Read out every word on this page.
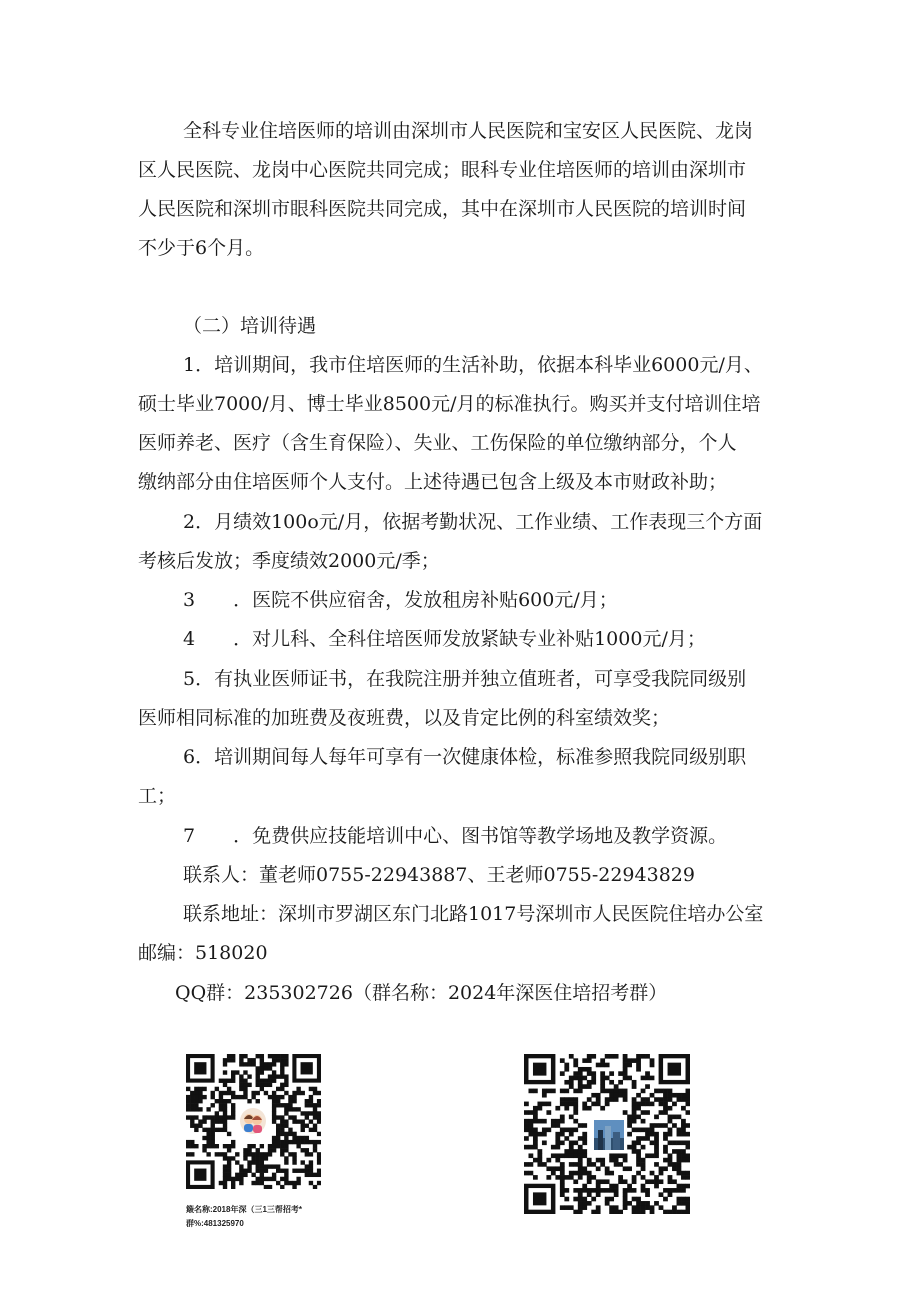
全科专业住培医师的培训由深圳市人民医院和宝安区人民医院、龙岗
区人民医院、龙岗中心医院共同完成；眼科专业住培医师的培训由深圳市
人民医院和深圳市眼科医院共同完成，其中在深圳市人民医院的培训时间
不少于6个月。
（二）培训待遇
1．培训期间，我市住培医师的生活补助，依据本科毕业6000元/月、
硕士毕业7000/月、博士毕业8500元/月的标准执行。购买并支付培训住培
医师养老、医疗（含生育保险）、失业、工伤保险的单位缴纳部分，个人
缴纳部分由住培医师个人支付。上述待遇已包含上级及本市财政补助；
2．月绩效100o元/月，依据考勤状况、工作业绩、工作表现三个方面
考核后发放；季度绩效2000元/季；
3　　．医院不供应宿舍，发放租房补贴600元/月；
4　　．对儿科、全科住培医师发放紧缺专业补贴1000元/月；
5．有执业医师证书，在我院注册并独立值班者，可享受我院同级别
医师相同标准的加班费及夜班费，以及肯定比例的科室绩效奖；
6．培训期间每人每年可享有一次健康体检，标准参照我院同级别职
工；
7　　．免费供应技能培训中心、图书馆等教学场地及教学资源。
联系人：董老师0755-22943887、王老师0755-22943829
联系地址：深圳市罗湖区东门北路1017号深圳市人民医院住培办公室
邮编：518020
QQ群：235302726（群名称：2024年深医住培招考群）
簸名称:2018年深（三1三帮招考*
群%:481325970
